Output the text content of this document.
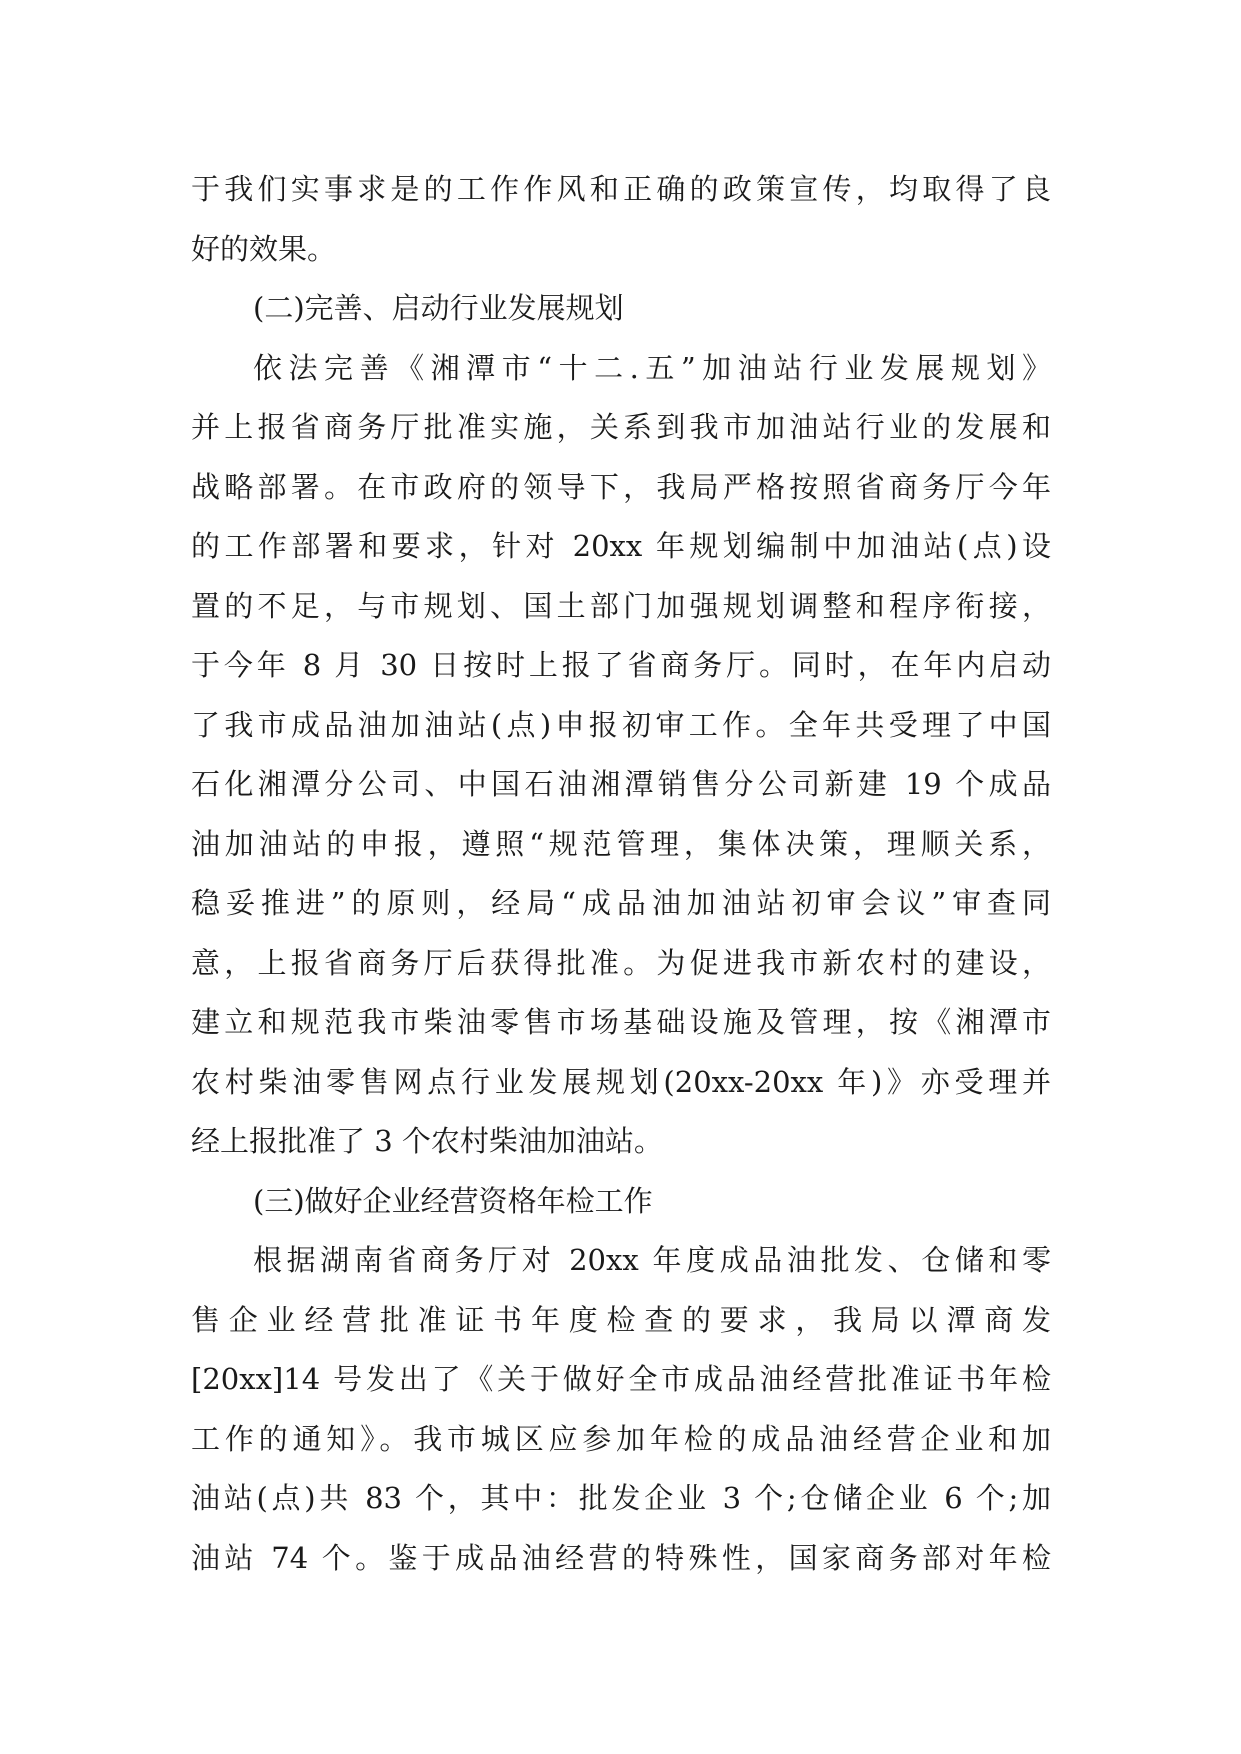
于我们实事求是的工作作风和正确的政策宣传，均取得了良
好的效果。
(二)完善、启动行业发展规划
依法完善《湘潭市“十二.五”加油站行业发展规划》
并上报省商务厅批准实施，关系到我市加油站行业的发展和
战略部署。在市政府的领导下，我局严格按照省商务厅今年
的工作部署和要求，针对 20xx 年规划编制中加油站(点)设
置的不足，与市规划、国土部门加强规划调整和程序衔接，
于今年 8 月 30 日按时上报了省商务厅。同时，在年内启动
了我市成品油加油站(点)申报初审工作。全年共受理了中国
石化湘潭分公司、中国石油湘潭销售分公司新建 19 个成品
油加油站的申报，遵照“规范管理，集体决策，理顺关系，
稳妥推进”的原则，经局“成品油加油站初审会议”审查同
意，上报省商务厅后获得批准。为促进我市新农村的建设，
建立和规范我市柴油零售市场基础设施及管理，按《湘潭市
农村柴油零售网点行业发展规划(20xx-20xx 年)》亦受理并
经上报批准了 3 个农村柴油加油站。
(三)做好企业经营资格年检工作
根据湖南省商务厅对 20xx 年度成品油批发、仓储和零
售企业经营批准证书年度检查的要求，我局以潭商发
[20xx]14 号发出了《关于做好全市成品油经营批准证书年检
工作的通知》。我市城区应参加年检的成品油经营企业和加
油站(点)共 83 个，其中：批发企业 3 个;仓储企业 6 个;加
油站 74 个。鉴于成品油经营的特殊性，国家商务部对年检
